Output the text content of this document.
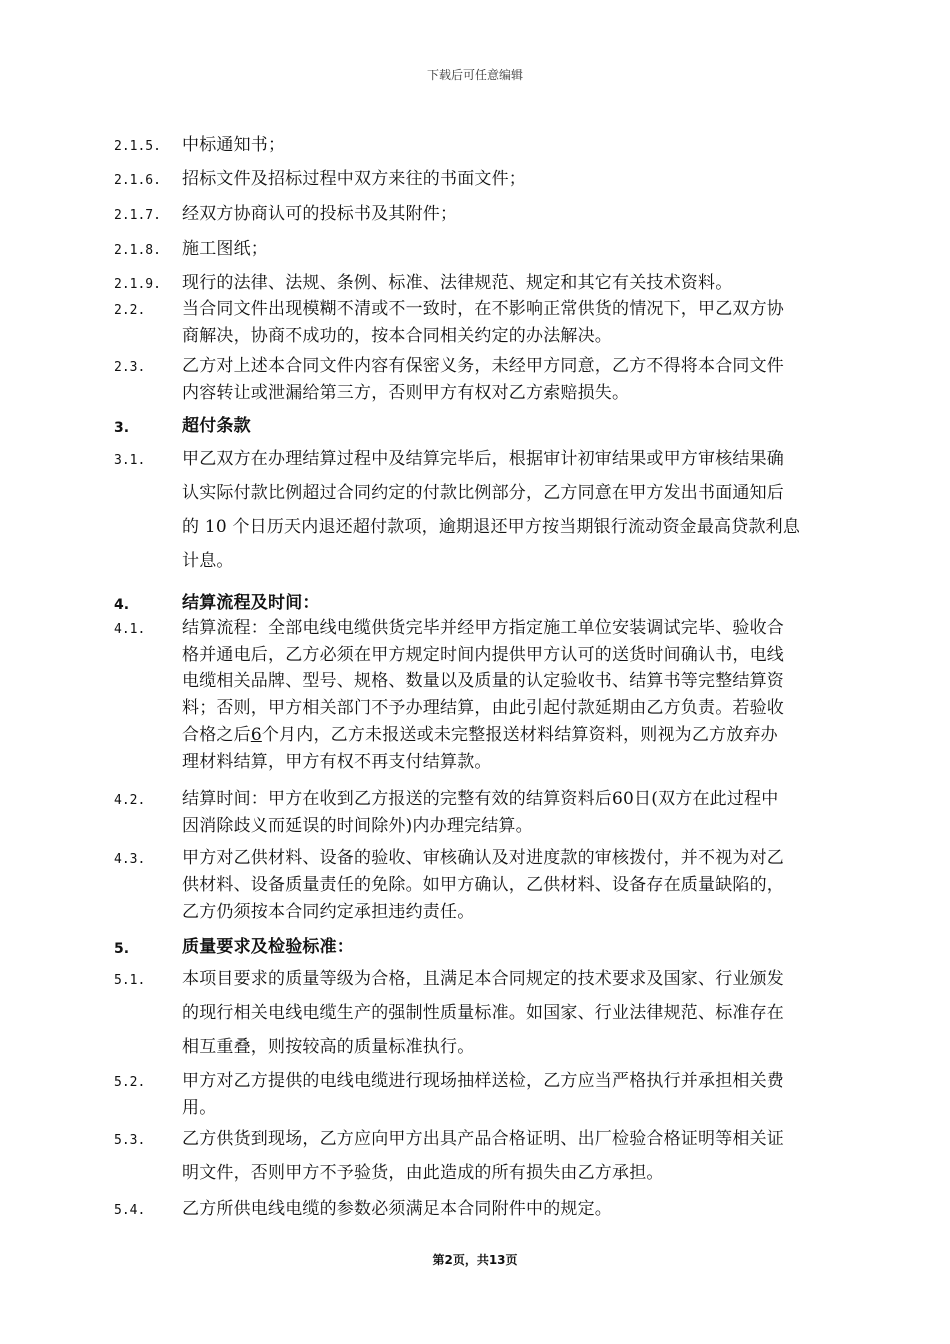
下载后可任意编辑
2.1.5. 中标通知书；
2.1.6. 招标文件及招标过程中双方来往的书面文件；
2.1.7. 经双方协商认可的投标书及其附件；
2.1.8. 施工图纸；
2.1.9. 现行的法律、法规、条例、标准、法律规范、规定和其它有关技术资料。
2.2. 当合同文件出现模糊不清或不一致时，在不影响正常供货的情况下，甲乙双方协
商解决，协商不成功的，按本合同相关约定的办法解决。
2.3. 乙方对上述本合同文件内容有保密义务，未经甲方同意，乙方不得将本合同文件
内容转让或泄漏给第三方，否则甲方有权对乙方索赔损失。
3.	超付条款
3.1. 甲乙双方在办理结算过程中及结算完毕后，根据审计初审结果或甲方审核结果确
认实际付款比例超过合同约定的付款比例部分，乙方同意在甲方发出书面通知后
的 10 个日历天内退还超付款项，逾期退还甲方按当期银行流动资金最高贷款利息
计息。
4.	结算流程及时间：
4.1. 结算流程：全部电线电缆供货完毕并经甲方指定施工单位安装调试完毕、验收合
格并通电后，乙方必须在甲方规定时间内提供甲方认可的送货时间确认书，电线
电缆相关品牌、型号、规格、数量以及质量的认定验收书、结算书等完整结算资
料；否则，甲方相关部门不予办理结算，由此引起付款延期由乙方负责。若验收
合格之后6个月内，乙方未报送或未完整报送材料结算资料，则视为乙方放弃办
理材料结算，甲方有权不再支付结算款。
4.2. 结算时间：甲方在收到乙方报送的完整有效的结算资料后60日(双方在此过程中
因消除歧义而延误的时间除外)内办理完结算。
4.3. 甲方对乙供材料、设备的验收、审核确认及对进度款的审核拨付，并不视为对乙
供材料、设备质量责任的免除。如甲方确认，乙供材料、设备存在质量缺陷的，
乙方仍须按本合同约定承担违约责任。
5.	质量要求及检验标准：
5.1. 本项目要求的质量等级为合格，且满足本合同规定的技术要求及国家、行业颁发
的现行相关电线电缆生产的强制性质量标准。如国家、行业法律规范、标准存在
相互重叠，则按较高的质量标准执行。
5.2. 甲方对乙方提供的电线电缆进行现场抽样送检，乙方应当严格执行并承担相关费
用。
5.3. 乙方供货到现场，乙方应向甲方出具产品合格证明、出厂检验合格证明等相关证
明文件，否则甲方不予验货，由此造成的所有损失由乙方承担。
5.4. 乙方所供电线电缆的参数必须满足本合同附件中的规定。
第2页，共13页
